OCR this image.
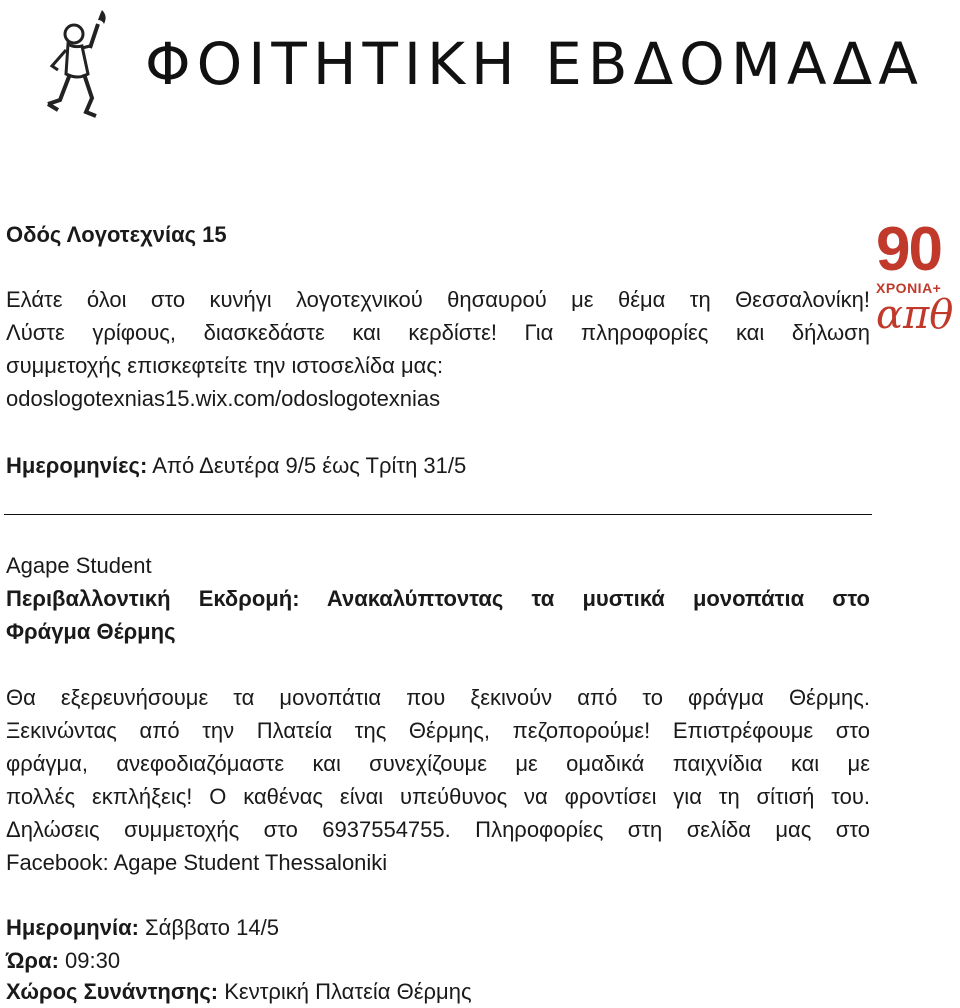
ΦΟΙΤΗΤΙΚΗ ΕΒΔΟΜΑΔΑ
90
ΧΡΟΝΙΑ+
απθ
Οδός Λογοτεχνίας 15
Ελάτε όλοι στο κυνήγι λογοτεχνικού θησαυρού με θέμα τη Θεσσαλονίκη!
Λύστε γρίφους, διασκεδάστε και κερδίστε! Για πληροφορίες και δήλωση
συμμετοχής επισκεφτείτε την ιστοσελίδα μας:
odoslogotexnias15.wix.com/odoslogotexnias
Ημερομηνίες: Από Δευτέρα 9/5 έως Τρίτη 31/5
Agape Student
Περιβαλλοντική Εκδρομή: Ανακαλύπτοντας τα μυστικά μονοπάτια στο
Φράγμα Θέρμης
Θα εξερευνήσουμε τα μονοπάτια που ξεκινούν από το φράγμα Θέρμης.
Ξεκινώντας από την Πλατεία της Θέρμης, πεζοπορούμε! Επιστρέφουμε στο
φράγμα, ανεφοδιαζόμαστε και συνεχίζουμε με ομαδικά παιχνίδια και με
πολλές εκπλήξεις! Ο καθένας είναι υπεύθυνος να φροντίσει για τη σίτισή του.
Δηλώσεις συμμετοχής στο 6937554755. Πληροφορίες στη σελίδα μας στο
Facebook: Agape Student Thessaloniki
Ημερομηνία: Σάββατο 14/5
Ώρα: 09:30
Χώρος Συνάντησης: Κεντρική Πλατεία Θέρμης
